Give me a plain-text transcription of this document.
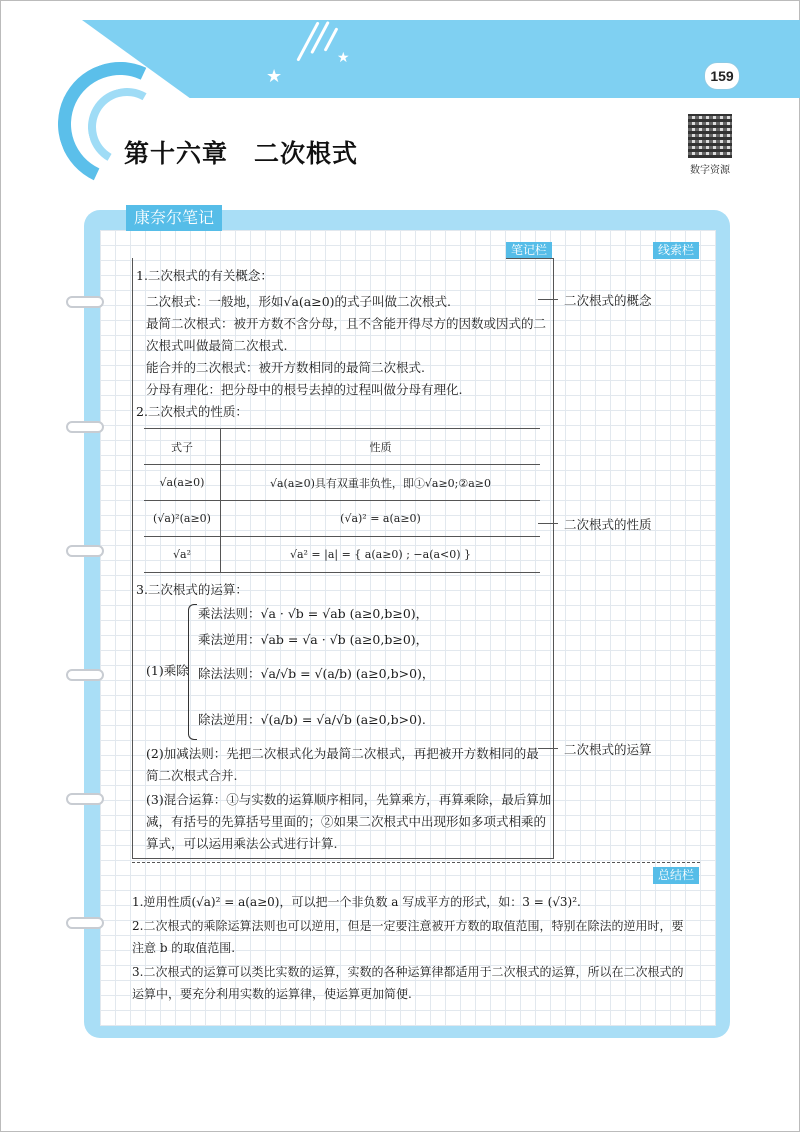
★
★
159
第十六章　二次根式
数字资源
康奈尔笔记
笔记栏	线索栏
总结栏
1.二次根式的有关概念：
二次根式：一般地，形如√a(a≥0)的式子叫做二次根式.
最简二次根式：被开方数不含分母，且不含能开得尽方的因数或因式的二
次根式叫做最简二次根式.
能合并的二次根式：被开方数相同的最简二次根式.
分母有理化：把分母中的根号去掉的过程叫做分母有理化.
2.二次根式的性质：
式子	性质
√a(a≥0)	√a(a≥0)具有双重非负性，即①√a≥0;②a≥0
(√a)²(a≥0)	(√a)² = a(a≥0)
√a²	√a² = |a| = { a(a≥0) ; −a(a<0) }
3.二次根式的运算：
(1)乘除
乘法法则：√a · √b = √ab (a≥0,b≥0)，
乘法逆用：√ab = √a · √b (a≥0,b≥0)，
除法法则：√a/√b = √(a/b) (a≥0,b>0)，
除法逆用：√(a/b) = √a/√b (a≥0,b>0).
(2)加减法则：先把二次根式化为最简二次根式，再把被开方数相同的最
简二次根式合并.
(3)混合运算：①与实数的运算顺序相同，先算乘方，再算乘除，最后算加
减，有括号的先算括号里面的；②如果二次根式中出现形如多项式相乘的
算式，可以运用乘法公式进行计算.
二次根式的概念
二次根式的性质
二次根式的运算
1.逆用性质(√a)² = a(a≥0)，可以把一个非负数 a 写成平方的形式，如：3 = (√3)².
2.二次根式的乘除运算法则也可以逆用，但是一定要注意被开方数的取值范围，特别在除法的逆用时，要
注意 b 的取值范围.
3.二次根式的运算可以类比实数的运算，实数的各种运算律都适用于二次根式的运算，所以在二次根式的
运算中，要充分利用实数的运算律，使运算更加简便.
